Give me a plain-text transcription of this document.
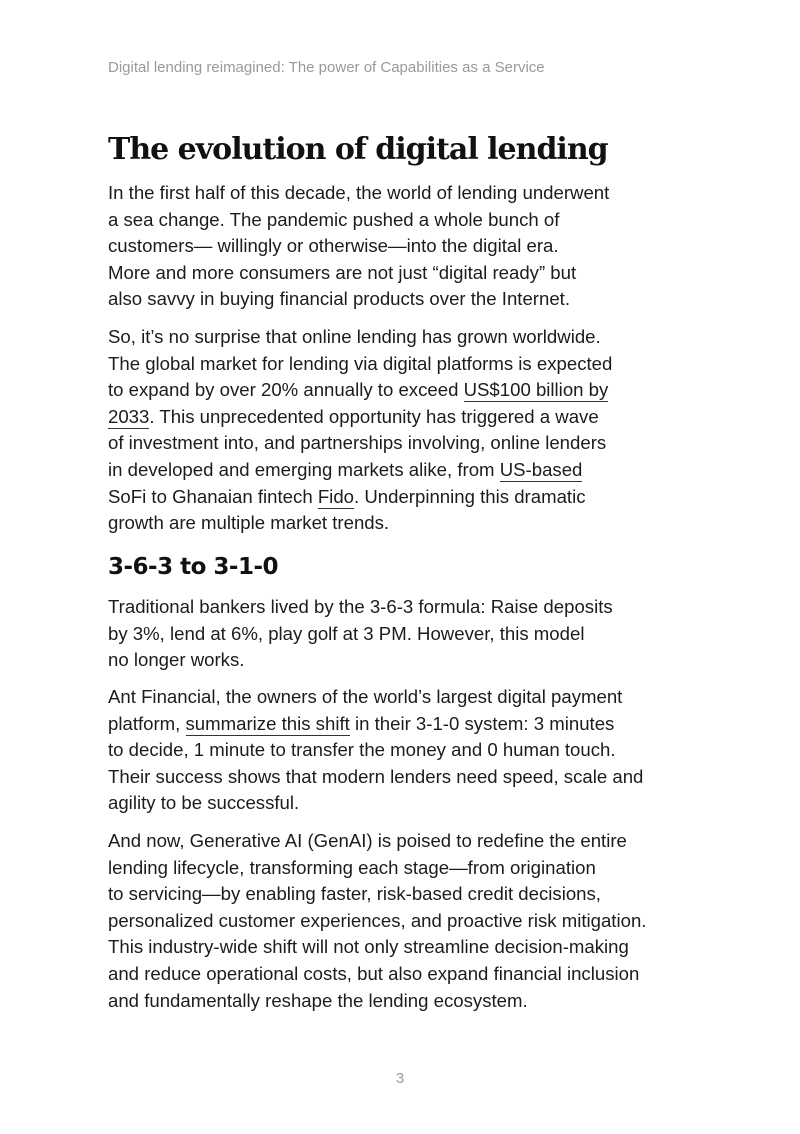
Digital lending reimagined: The power of Capabilities as a Service
The evolution of digital lending

In the first half of this decade, the world of lending underwent
a sea change. The pandemic pushed a whole bunch of
customers— willingly or otherwise—into the digital era.
More and more consumers are not just “digital ready” but
also savvy in buying financial products over the Internet.

So, it’s no surprise that online lending has grown worldwide.
The global market for lending via digital platforms is expected
to expand by over 20% annually to exceed US$100 billion by
2033. This unprecedented opportunity has triggered a wave
of investment into, and partnerships involving, online lenders
in developed and emerging markets alike, from US-based
SoFi to Ghanaian fintech Fido. Underpinning this dramatic
growth are multiple market trends.

3-6-3 to 3-1-0

Traditional bankers lived by the 3-6-3 formula: Raise deposits
by 3%, lend at 6%, play golf at 3 PM. However, this model
no longer works.

Ant Financial, the owners of the world’s largest digital payment
platform, summarize this shift in their 3-1-0 system: 3 minutes
to decide, 1 minute to transfer the money and 0 human touch.
Their success shows that modern lenders need speed, scale and
agility to be successful.

And now, Generative AI (GenAI) is poised to redefine the entire
lending lifecycle, transforming each stage—from origination
to servicing—by enabling faster, risk-based credit decisions,
personalized customer experiences, and proactive risk mitigation.
This industry-wide shift will not only streamline decision-making
and reduce operational costs, but also expand financial inclusion
and fundamentally reshape the lending ecosystem.

3
